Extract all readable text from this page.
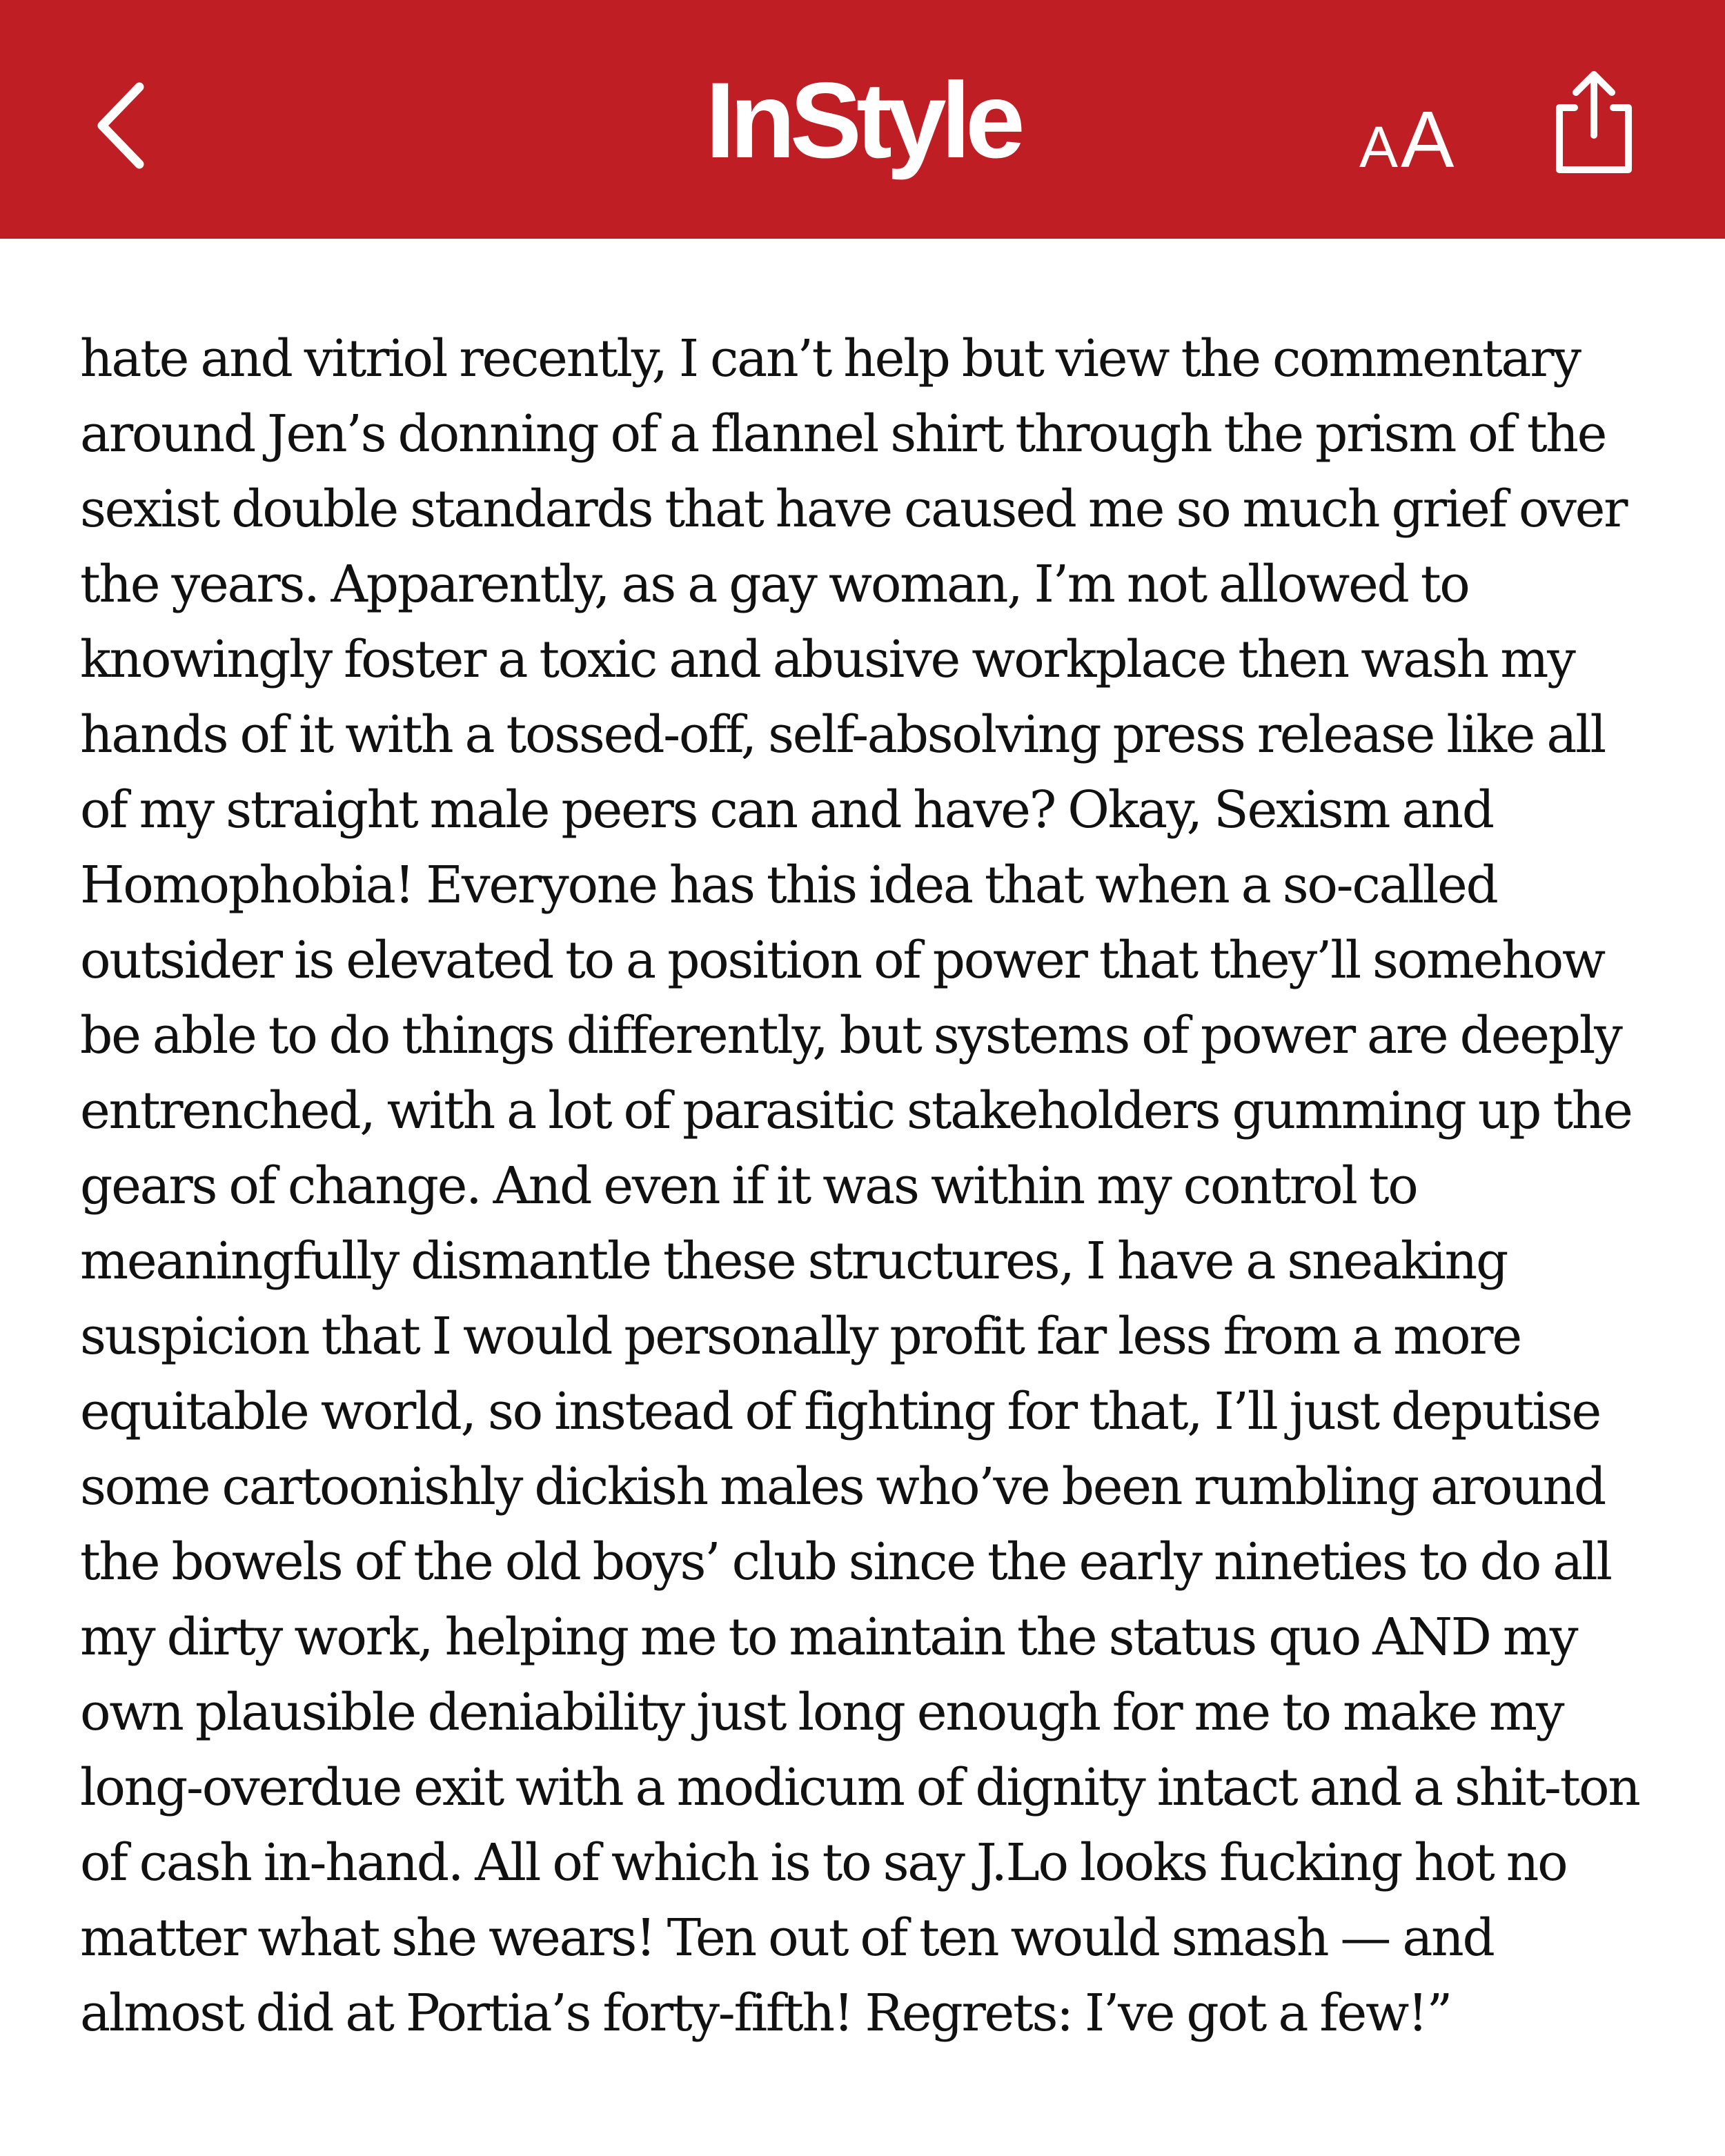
InStyle	AA

hate and vitriol recently, I can’t help but view the commentary around Jen’s donning of a flannel shirt through the prism of the sexist double standards that have caused me so much grief over the years. Apparently, as a gay woman, I’m not allowed to knowingly foster a toxic and abusive workplace then wash my hands of it with a tossed-off, self-absolving press release like all of my straight male peers can and have? Okay, Sexism and Homophobia! Everyone has this idea that when a so-called outsider is elevated to a position of power that they’ll somehow be able to do things differently, but systems of power are deeply entrenched, with a lot of parasitic stakeholders gumming up the gears of change. And even if it was within my control to meaningfully dismantle these structures, I have a sneaking suspicion that I would personally profit far less from a more equitable world, so instead of fighting for that, I’ll just deputise some cartoonishly dickish males who’ve been rumbling around the bowels of the old boys’ club since the early nineties to do all my dirty work, helping me to maintain the status quo AND my own plausible deniability just long enough for me to make my long-overdue exit with a modicum of dignity intact and a shit-ton of cash in-hand. All of which is to say J.Lo looks fucking hot no matter what she wears! Ten out of ten would smash — and almost did at Portia’s forty-fifth! Regrets: I’ve got a few!”
